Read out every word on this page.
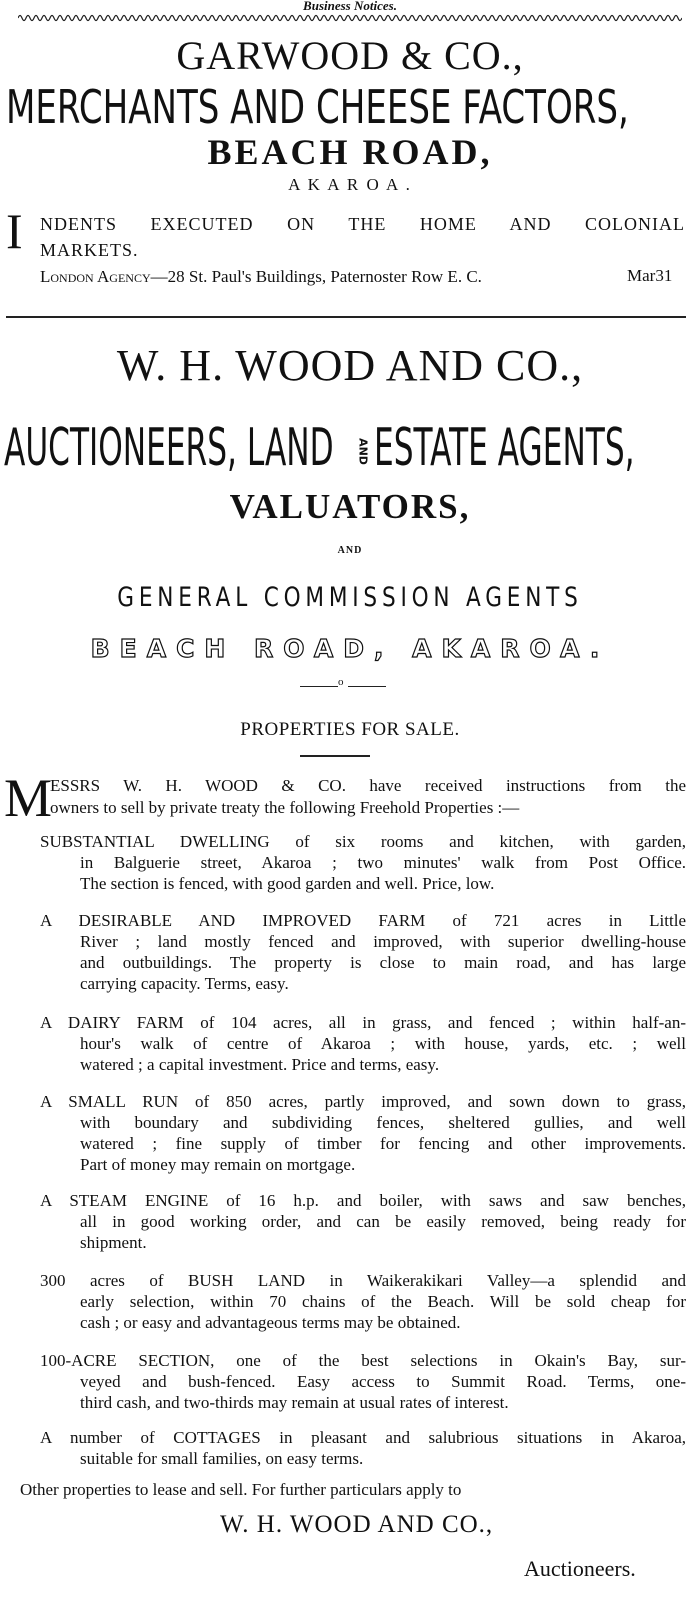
Business Notices.
GARWOOD & CO.,
MERCHANTS AND CHEESE FACTORS,
BEACH ROAD,
A K A R O A .
I NDENTS EXECUTED ON THE HOME AND COLONIAL
MARKETS.
London Agency—28 St. Paul's Buildings, Paternoster Row E. C.	Mar31
W. H. WOOD AND CO.,
AUCTIONEERS, LAND AND ESTATE AGENTS,
VALUATORS,
AND
GENERAL COMMISSION AGENTS
BEACH ROAD, AKAROA.
o
PROPERTIES FOR SALE.
M
ESSRS W. H. WOOD & CO. have received instructions from the
owners to sell by private treaty the following Freehold Properties :—
SUBSTANTIAL DWELLING of six rooms and kitchen, with garden,
in Balguerie street, Akaroa ; two minutes' walk from Post Office.
The section is fenced, with good garden and well. Price, low.
A DESIRABLE AND IMPROVED FARM of 721 acres in Little
River ; land mostly fenced and improved, with superior dwelling-house
and outbuildings. The property is close to main road, and has large
carrying capacity. Terms, easy.
A DAIRY FARM of 104 acres, all in grass, and fenced ; within half-an-
hour's walk of centre of Akaroa ; with house, yards, etc. ; well
watered ; a capital investment. Price and terms, easy.
A SMALL RUN of 850 acres, partly improved, and sown down to grass,
with boundary and subdividing fences, sheltered gullies, and well
watered ; fine supply of timber for fencing and other improvements.
Part of money may remain on mortgage.
A STEAM ENGINE of 16 h.p. and boiler, with saws and saw benches,
all in good working order, and can be easily removed, being ready for
shipment.
300 acres of BUSH LAND in Waikerakikari Valley—a splendid and
early selection, within 70 chains of the Beach. Will be sold cheap for
cash ; or easy and advantageous terms may be obtained.
100-ACRE SECTION, one of the best selections in Okain's Bay, sur-
veyed and bush-fenced. Easy access to Summit Road. Terms, one-
third cash, and two-thirds may remain at usual rates of interest.
A number of COTTAGES in pleasant and salubrious situations in Akaroa,
suitable for small families, on easy terms.
Other properties to lease and sell. For further particulars apply to
W. H. WOOD AND CO.,
Auctioneers.
